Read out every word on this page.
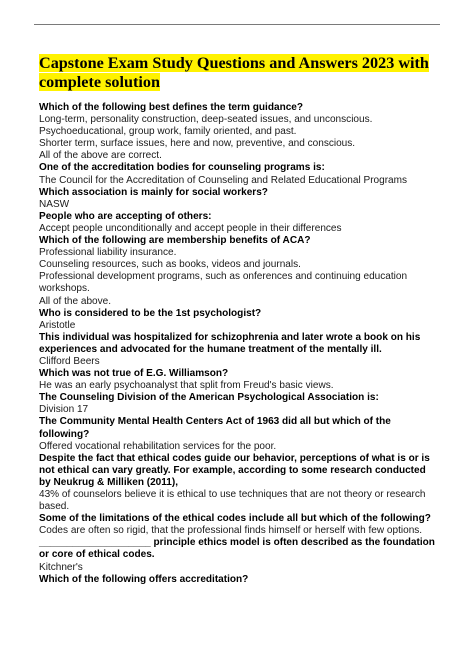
Capstone Exam Study Questions and Answers 2023 with
complete solution

Which of the following best defines the term guidance?

Long-term, personality construction, deep-seated issues, and unconscious.

Psychoeducational, group work, family oriented, and past.

Shorter term, surface issues, here and now, preventive, and conscious.

All of the above are correct.

One of the accreditation bodies for counseling programs is:

The Council for the Accreditation of Counseling and Related Educational Programs

Which association is mainly for social workers?

NASW

People who are accepting of others:

Accept people unconditionally and accept people in their differences

Which of the following are membership benefits of ACA?

Professional liability insurance.

Counseling resources, such as books, videos and journals.

Professional development programs, such as onferences and continuing education workshops.

All of the above.

Who is considered to be the 1st psychologist?

Aristotle

This individual was hospitalized for schizophrenia and later wrote a book on his experiences and advocated for the humane treatment of the mentally ill.

Clifford Beers

Which was not true of E.G. Williamson?

He was an early psychoanalyst that split from Freud's basic views.

The Counseling Division of the American Psychological Association is:

Division 17

The Community Mental Health Centers Act of 1963 did all but which of the following?

Offered vocational rehabilitation services for the poor.

Despite the fact that ethical codes guide our behavior, perceptions of what is or is not ethical can vary greatly. For example, according to some research conducted by Neukrug & Milliken (2011),

43% of counselors believe it is ethical to use techniques that are not theory or research based.

Some of the limitations of the ethical codes include all but which of the following?

Codes are often so rigid, that the professional finds himself or herself with few options.

____________________ principle ethics model is often described as the foundation or core of ethical codes.

Kitchner's

Which of the following offers accreditation?
